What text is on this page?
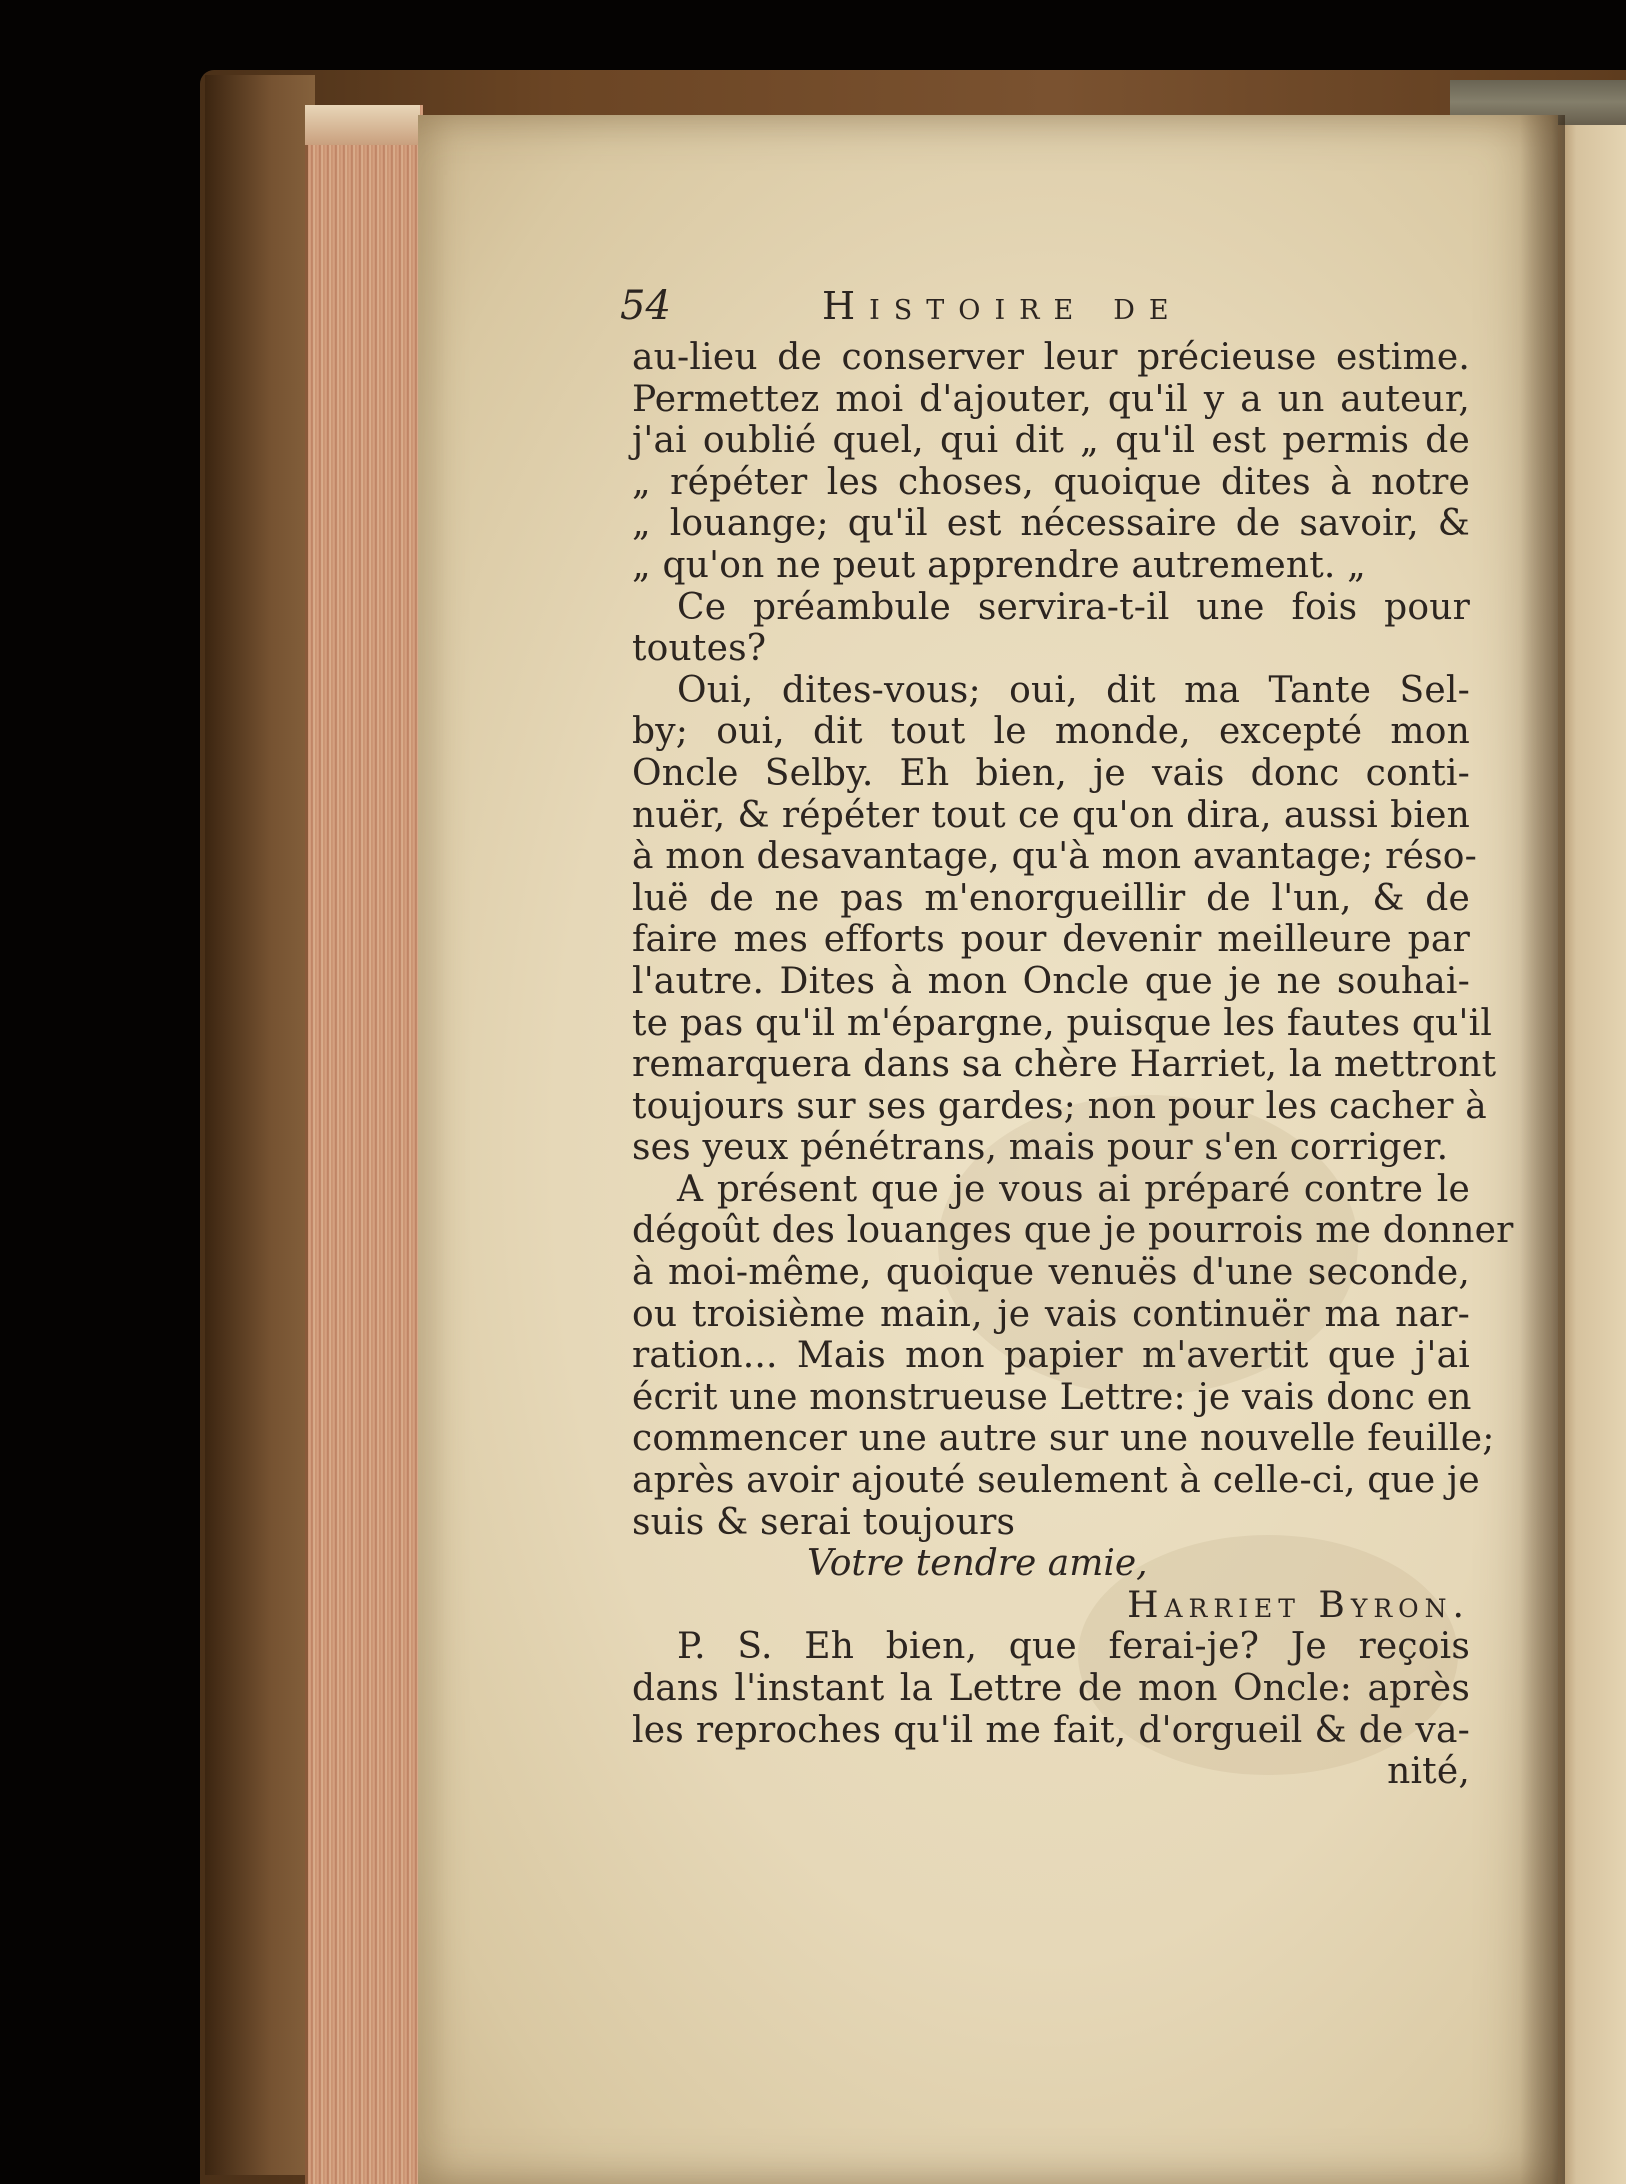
54	Histoire de
au-lieu de conserver leur précieuse estime.
Permettez moi d'ajouter, qu'il y a un auteur,
j'ai oublié quel, qui dit „ qu'il est permis de
„ répéter les choses, quoique dites à notre
„ louange; qu'il est nécessaire de savoir, &
„ qu'on ne peut apprendre autrement. „
Ce préambule servira-t-il une fois pour
toutes?
Oui, dites-vous; oui, dit ma Tante Sel-
by; oui, dit tout le monde, excepté mon
Oncle Selby. Eh bien, je vais donc conti-
nuër, & répéter tout ce qu'on dira, aussi bien
à mon desavantage, qu'à mon avantage; réso-
luë de ne pas m'enorgueillir de l'un, & de
faire mes efforts pour devenir meilleure par
l'autre. Dites à mon Oncle que je ne souhai-
te pas qu'il m'épargne, puisque les fautes qu'il
remarquera dans sa chère Harriet, la mettront
toujours sur ses gardes; non pour les cacher à
ses yeux pénétrans, mais pour s'en corriger.
A présent que je vous ai préparé contre le
dégoût des louanges que je pourrois me donner
à moi-même, quoique venuës d'une seconde,
ou troisième main, je vais continuër ma nar-
ration... Mais mon papier m'avertit que j'ai
écrit une monstrueuse Lettre: je vais donc en
commencer une autre sur une nouvelle feuille;
après avoir ajouté seulement à celle-ci, que je
suis & serai toujours
Votre tendre amie,
Harriet Byron.
P. S. Eh bien, que ferai-je? Je reçois
dans l'instant la Lettre de mon Oncle: après
les reproches qu'il me fait, d'orgueil & de va-
nité,
